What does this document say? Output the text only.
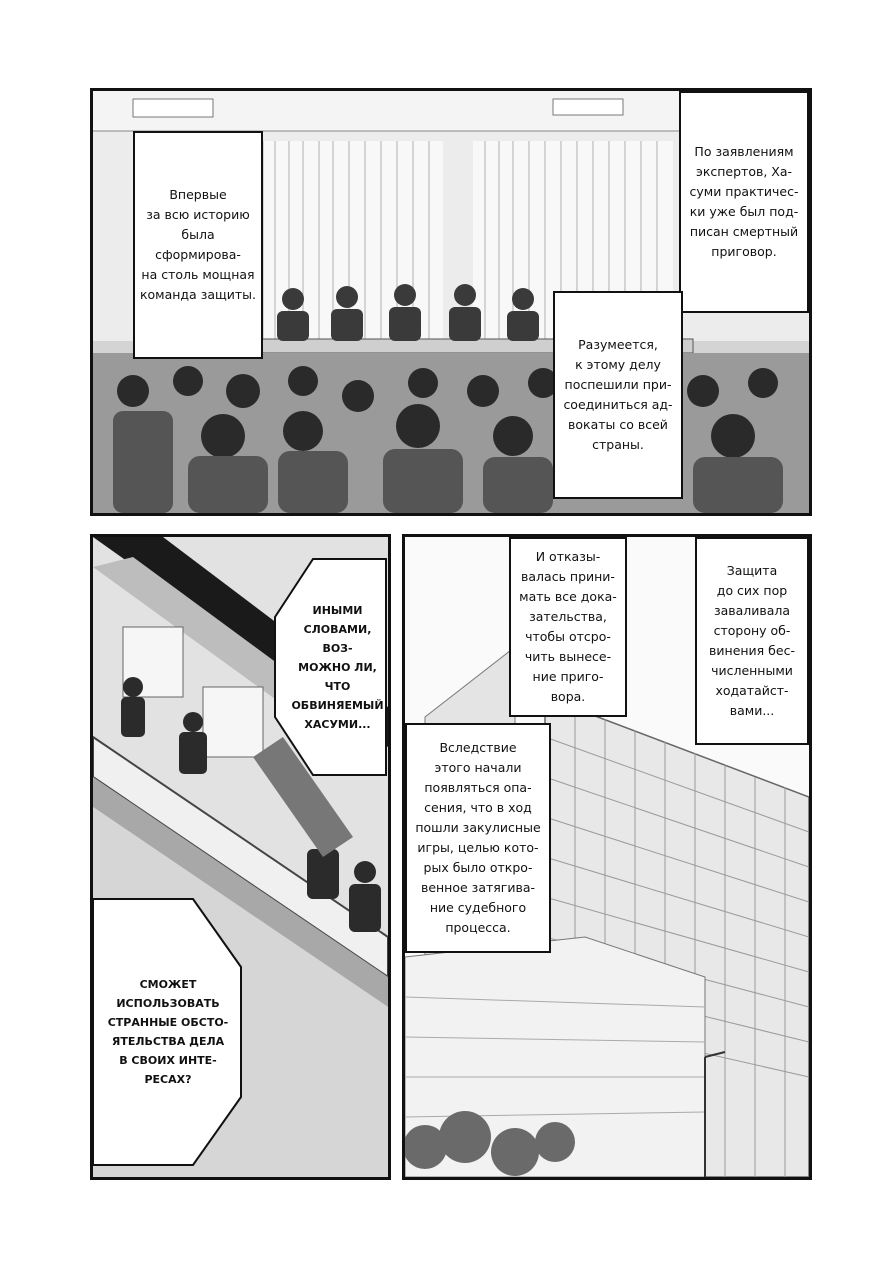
Впервые
за всю историю
была сформирова-
на столь мощная
команда защиты.
По заявлениям
экспертов, Ха-
суми практичес-
ки уже был под-
писан смертный
приговор.
Разумеется,
к этому делу
поспешили при-
соединиться ад-
вокаты со всей
страны.
ИНЫМИ
СЛОВАМИ, ВОЗ-
МОЖНО ЛИ, ЧТО
ОБВИНЯЕМЫЙ
ХАСУМИ...
СМОЖЕТ
ИСПОЛЬЗОВАТЬ
СТРАННЫЕ ОБСТО-
ЯТЕЛЬСТВА ДЕЛА
В СВОИХ ИНТЕ-
РЕСАХ?
И отказы-
валась прини-
мать все дока-
зательства,
чтобы отсро-
чить вынесе-
ние приго-
вора.
Защита
до сих пор
заваливала
сторону об-
винения бес-
численными
ходатайст-
вами...
Вследствие
этого начали
появляться опа-
сения, что в ход
пошли закулисные
игры, целью кото-
рых было откро-
венное затягива-
ние судебного
процесса.
